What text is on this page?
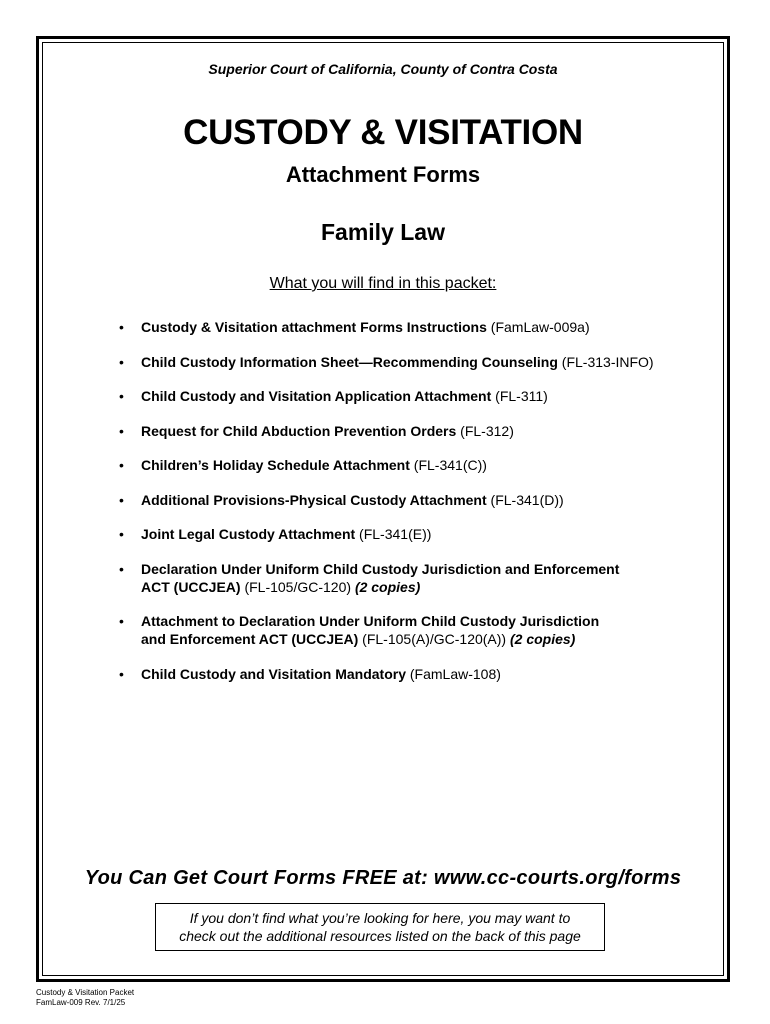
Superior Court of California, County of Contra Costa
CUSTODY & VISITATION
Attachment Forms
Family Law
What you will find in this packet:
• Custody & Visitation attachment Forms Instructions (FamLaw-009a)
• Child Custody Information Sheet—Recommending Counseling (FL-313-INFO)
• Child Custody and Visitation Application Attachment (FL-311)
• Request for Child Abduction Prevention Orders (FL-312)
• Children’s Holiday Schedule Attachment (FL-341(C))
• Additional Provisions-Physical Custody Attachment (FL-341(D))
• Joint Legal Custody Attachment (FL-341(E))
• Declaration Under Uniform Child Custody Jurisdiction and Enforcement
ACT (UCCJEA) (FL-105/GC-120) (2 copies)
• Attachment to Declaration Under Uniform Child Custody Jurisdiction
and Enforcement ACT (UCCJEA) (FL-105(A)/GC-120(A)) (2 copies)
• Child Custody and Visitation Mandatory (FamLaw-108)
You Can Get Court Forms FREE at: www.cc-courts.org/forms
If you don’t find what you’re looking for here, you may want to
check out the additional resources listed on the back of this page
Custody & Visitation Packet
FamLaw-009 Rev. 7/1/25
